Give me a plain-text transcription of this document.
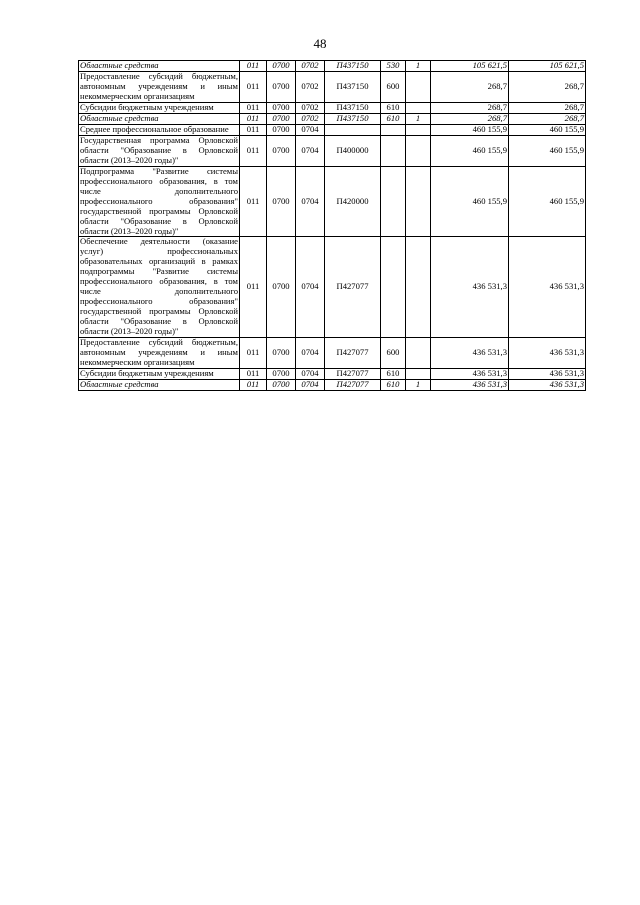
48
Областные средства	011	0700	0702	П437150	530	1	105 621,5	105 621,5
Предоставление субсидий бюджетным, автономным учреждениям и иным некоммерческим организациям	011	0700	0702	П437150	600		268,7	268,7
Субсидии бюджетным учреждениям	011	0700	0702	П437150	610		268,7	268,7
Областные средства	011	0700	0702	П437150	610	1	268,7	268,7
Среднее профессиональное образование	011	0700	0704				460 155,9	460 155,9
Государственная программа Орловской области "Образование в Орловской области (2013–2020 годы)"	011	0700	0704	П400000			460 155,9	460 155,9
Подпрограмма "Развитие системы профессионального образования, в том числе дополнительного профессионального образования" государственной программы Орловской области "Образование в Орловской области (2013–2020 годы)"	011	0700	0704	П420000			460 155,9	460 155,9
Обеспечение деятельности (оказание услуг) профессиональных образовательных организаций в рамках подпрограммы "Развитие системы профессионального образования, в том числе дополнительного профессионального образования" государственной программы Орловской области "Образование в Орловской области (2013–2020 годы)"	011	0700	0704	П427077			436 531,3	436 531,3
Предоставление субсидий бюджетным, автономным учреждениям и иным некоммерческим организациям	011	0700	0704	П427077	600		436 531,3	436 531,3
Субсидии бюджетным учреждениям	011	0700	0704	П427077	610		436 531,3	436 531,3
Областные средства	011	0700	0704	П427077	610	1	436 531,3	436 531,3
